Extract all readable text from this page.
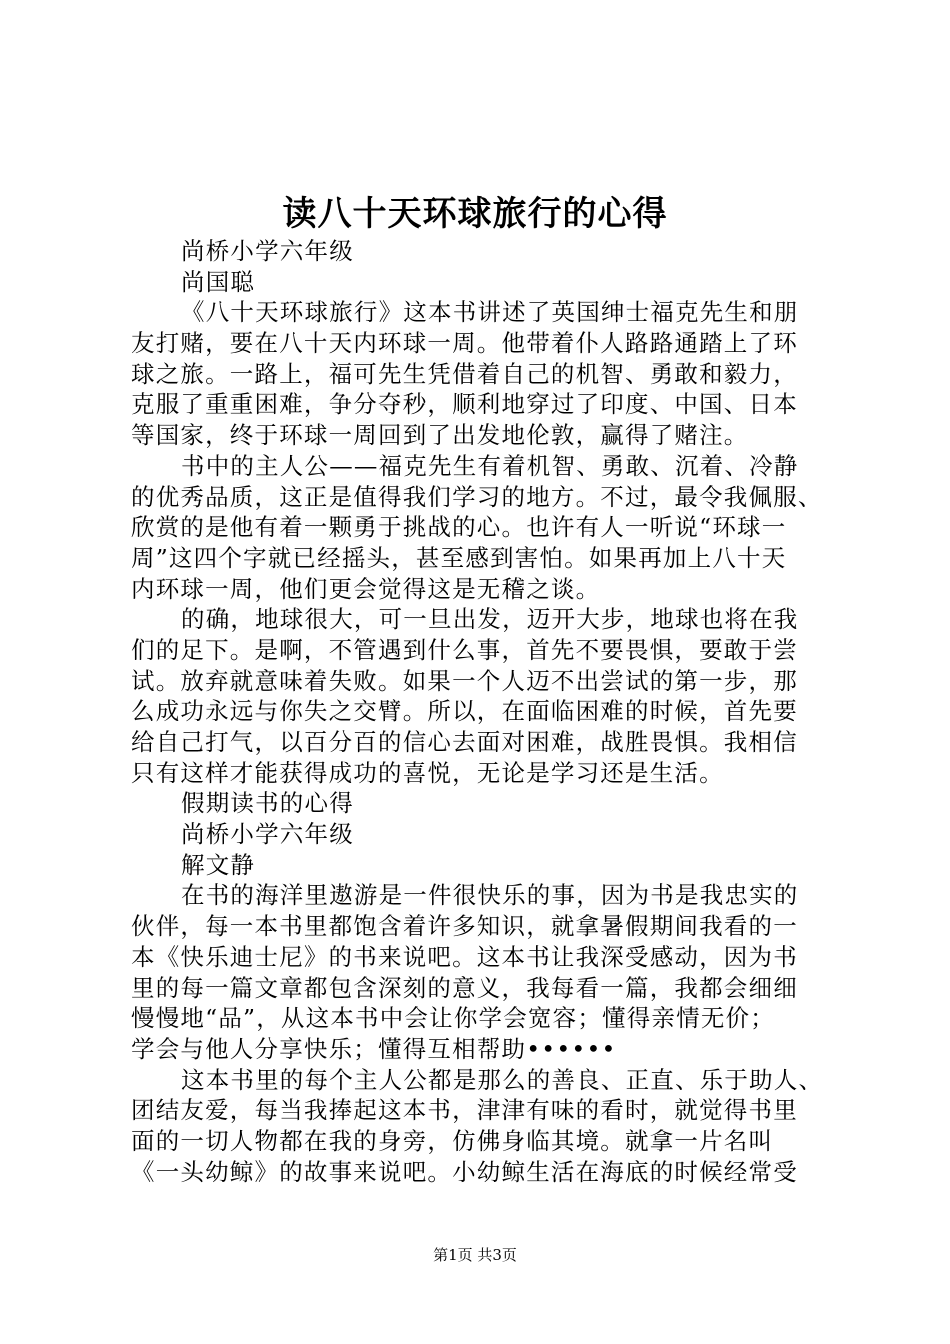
读八十天环球旅行的心得
尚桥小学六年级
尚国聪
《八十天环球旅行》这本书讲述了英国绅士福克先生和朋
友打赌，要在八十天内环球一周。他带着仆人路路通踏上了环
球之旅。一路上，福可先生凭借着自己的机智、勇敢和毅力，
克服了重重困难，争分夺秒，顺利地穿过了印度、中国、日本
等国家，终于环球一周回到了出发地伦敦，赢得了赌注。
书中的主人公——福克先生有着机智、勇敢、沉着、冷静
的优秀品质，这正是值得我们学习的地方。不过，最令我佩服、
欣赏的是他有着一颗勇于挑战的心。也许有人一听说“环球一
周”这四个字就已经摇头，甚至感到害怕。如果再加上八十天
内环球一周，他们更会觉得这是无稽之谈。
的确，地球很大，可一旦出发，迈开大步，地球也将在我
们的足下。是啊，不管遇到什么事，首先不要畏惧，要敢于尝
试。放弃就意味着失败。如果一个人迈不出尝试的第一步，那
么成功永远与你失之交臂。所以，在面临困难的时候，首先要
给自己打气，以百分百的信心去面对困难，战胜畏惧。我相信
只有这样才能获得成功的喜悦，无论是学习还是生活。
假期读书的心得
尚桥小学六年级
解文静
在书的海洋里遨游是一件很快乐的事，因为书是我忠实的
伙伴，每一本书里都饱含着许多知识，就拿暑假期间我看的一
本《快乐迪士尼》的书来说吧。这本书让我深受感动，因为书
里的每一篇文章都包含深刻的意义，我每看一篇，我都会细细
慢慢地“品”，从这本书中会让你学会宽容；懂得亲情无价；
学会与他人分享快乐；懂得互相帮助••••••
这本书里的每个主人公都是那么的善良、正直、乐于助人、
团结友爱，每当我捧起这本书，津津有味的看时，就觉得书里
面的一切人物都在我的身旁，仿佛身临其境。就拿一片名叫
《一头幼鲸》的故事来说吧。小幼鲸生活在海底的时候经常受
第1页 共3页
